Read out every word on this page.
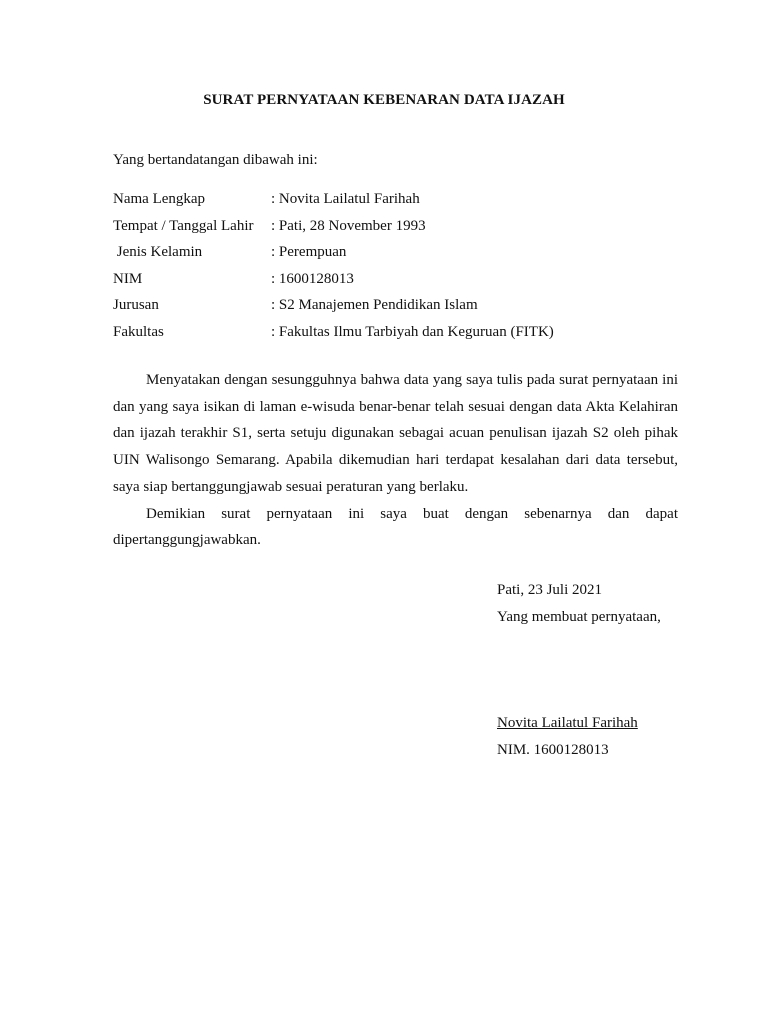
SURAT PERNYATAAN KEBENARAN DATA IJAZAH
Yang bertandatangan dibawah ini:
Nama Lengkap	: Novita Lailatul Farihah
Tempat / Tanggal Lahir	: Pati, 28 November 1993
Jenis Kelamin	: Perempuan
NIM	: 1600128013
Jurusan	: S2 Manajemen Pendidikan Islam
Fakultas	: Fakultas Ilmu Tarbiyah dan Keguruan (FITK)

Menyatakan dengan sesungguhnya bahwa data yang saya tulis pada surat pernyataan ini dan yang saya isikan di laman e-wisuda benar-benar telah sesuai dengan data Akta Kelahiran dan ijazah terakhir S1, serta setuju digunakan sebagai acuan penulisan ijazah S2 oleh pihak UIN Walisongo Semarang. Apabila dikemudian hari terdapat kesalahan dari data tersebut, saya siap bertanggungjawab sesuai peraturan yang berlaku.

Demikian surat pernyataan ini saya buat dengan sebenarnya dan dapat dipertanggungjawabkan.

Pati, 23 Juli 2021
Yang membuat pernyataan,
Novita Lailatul Farihah
NIM. 1600128013
